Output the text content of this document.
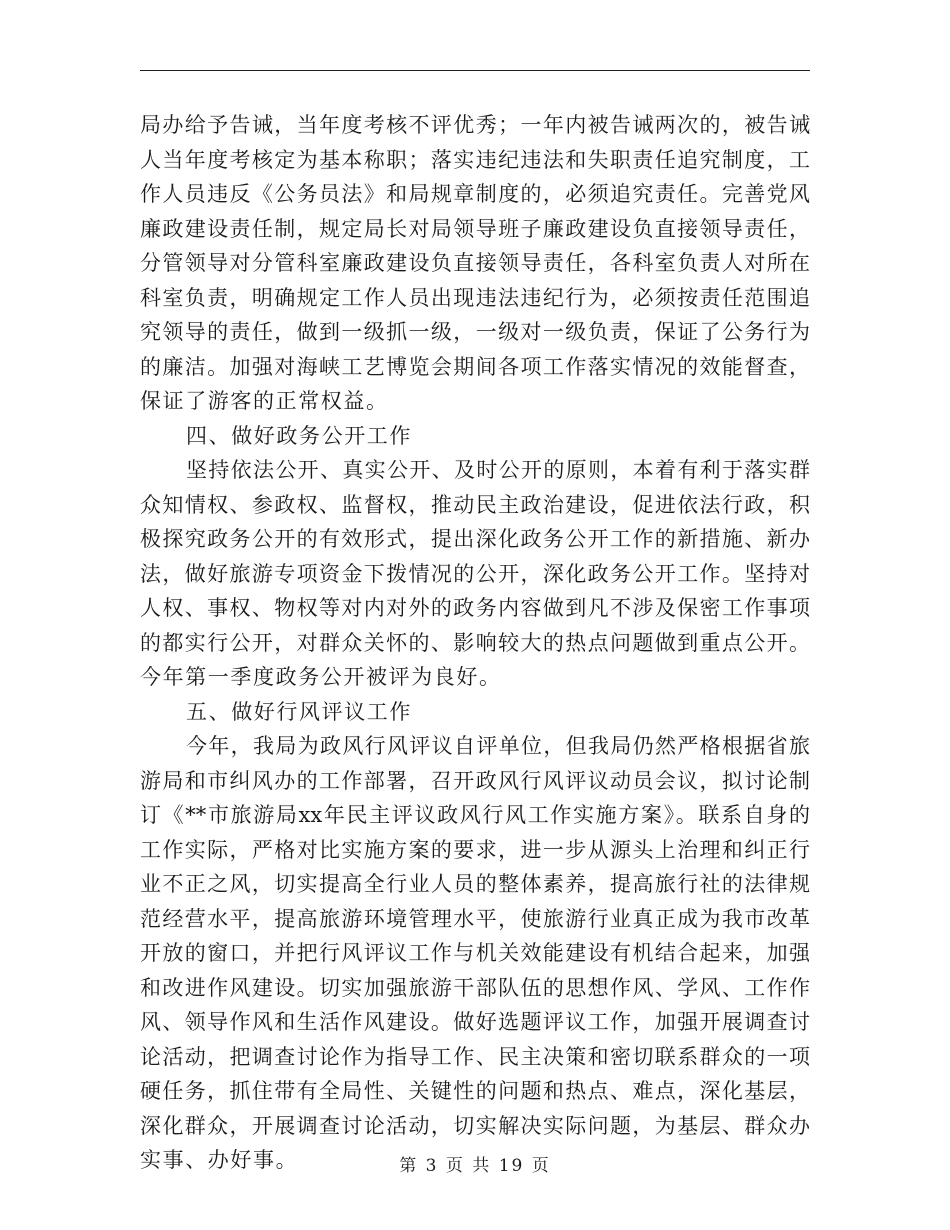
局办给予告诫，当年度考核不评优秀；一年内被告诫两次的，被告诫
人当年度考核定为基本称职；落实违纪违法和失职责任追究制度，工
作人员违反《公务员法》和局规章制度的，必须追究责任。完善党风
廉政建设责任制，规定局长对局领导班子廉政建设负直接领导责任，
分管领导对分管科室廉政建设负直接领导责任，各科室负责人对所在
科室负责，明确规定工作人员出现违法违纪行为，必须按责任范围追
究领导的责任，做到一级抓一级，一级对一级负责，保证了公务行为
的廉洁。加强对海峡工艺博览会期间各项工作落实情况的效能督查，
保证了游客的正常权益。
四、做好政务公开工作
坚持依法公开、真实公开、及时公开的原则，本着有利于落实群
众知情权、参政权、监督权，推动民主政治建设，促进依法行政，积
极探究政务公开的有效形式，提出深化政务公开工作的新措施、新办
法，做好旅游专项资金下拨情况的公开，深化政务公开工作。坚持对
人权、事权、物权等对内对外的政务内容做到凡不涉及保密工作事项
的都实行公开，对群众关怀的、影响较大的热点问题做到重点公开。
今年第一季度政务公开被评为良好。
五、做好行风评议工作
今年，我局为政风行风评议自评单位，但我局仍然严格根据省旅
游局和市纠风办的工作部署，召开政风行风评议动员会议，拟讨论制
订《**市旅游局xx年民主评议政风行风工作实施方案》。联系自身的
工作实际，严格对比实施方案的要求，进一步从源头上治理和纠正行
业不正之风，切实提高全行业人员的整体素养，提高旅行社的法律规
范经营水平，提高旅游环境管理水平，使旅游行业真正成为我市改革
开放的窗口，并把行风评议工作与机关效能建设有机结合起来，加强
和改进作风建设。切实加强旅游干部队伍的思想作风、学风、工作作
风、领导作风和生活作风建设。做好选题评议工作，加强开展调查讨
论活动，把调查讨论作为指导工作、民主决策和密切联系群众的一项
硬任务，抓住带有全局性、关键性的问题和热点、难点，深化基层，
深化群众，开展调查讨论活动，切实解决实际问题，为基层、群众办
实事、办好事。	第 3 页 共 19 页
